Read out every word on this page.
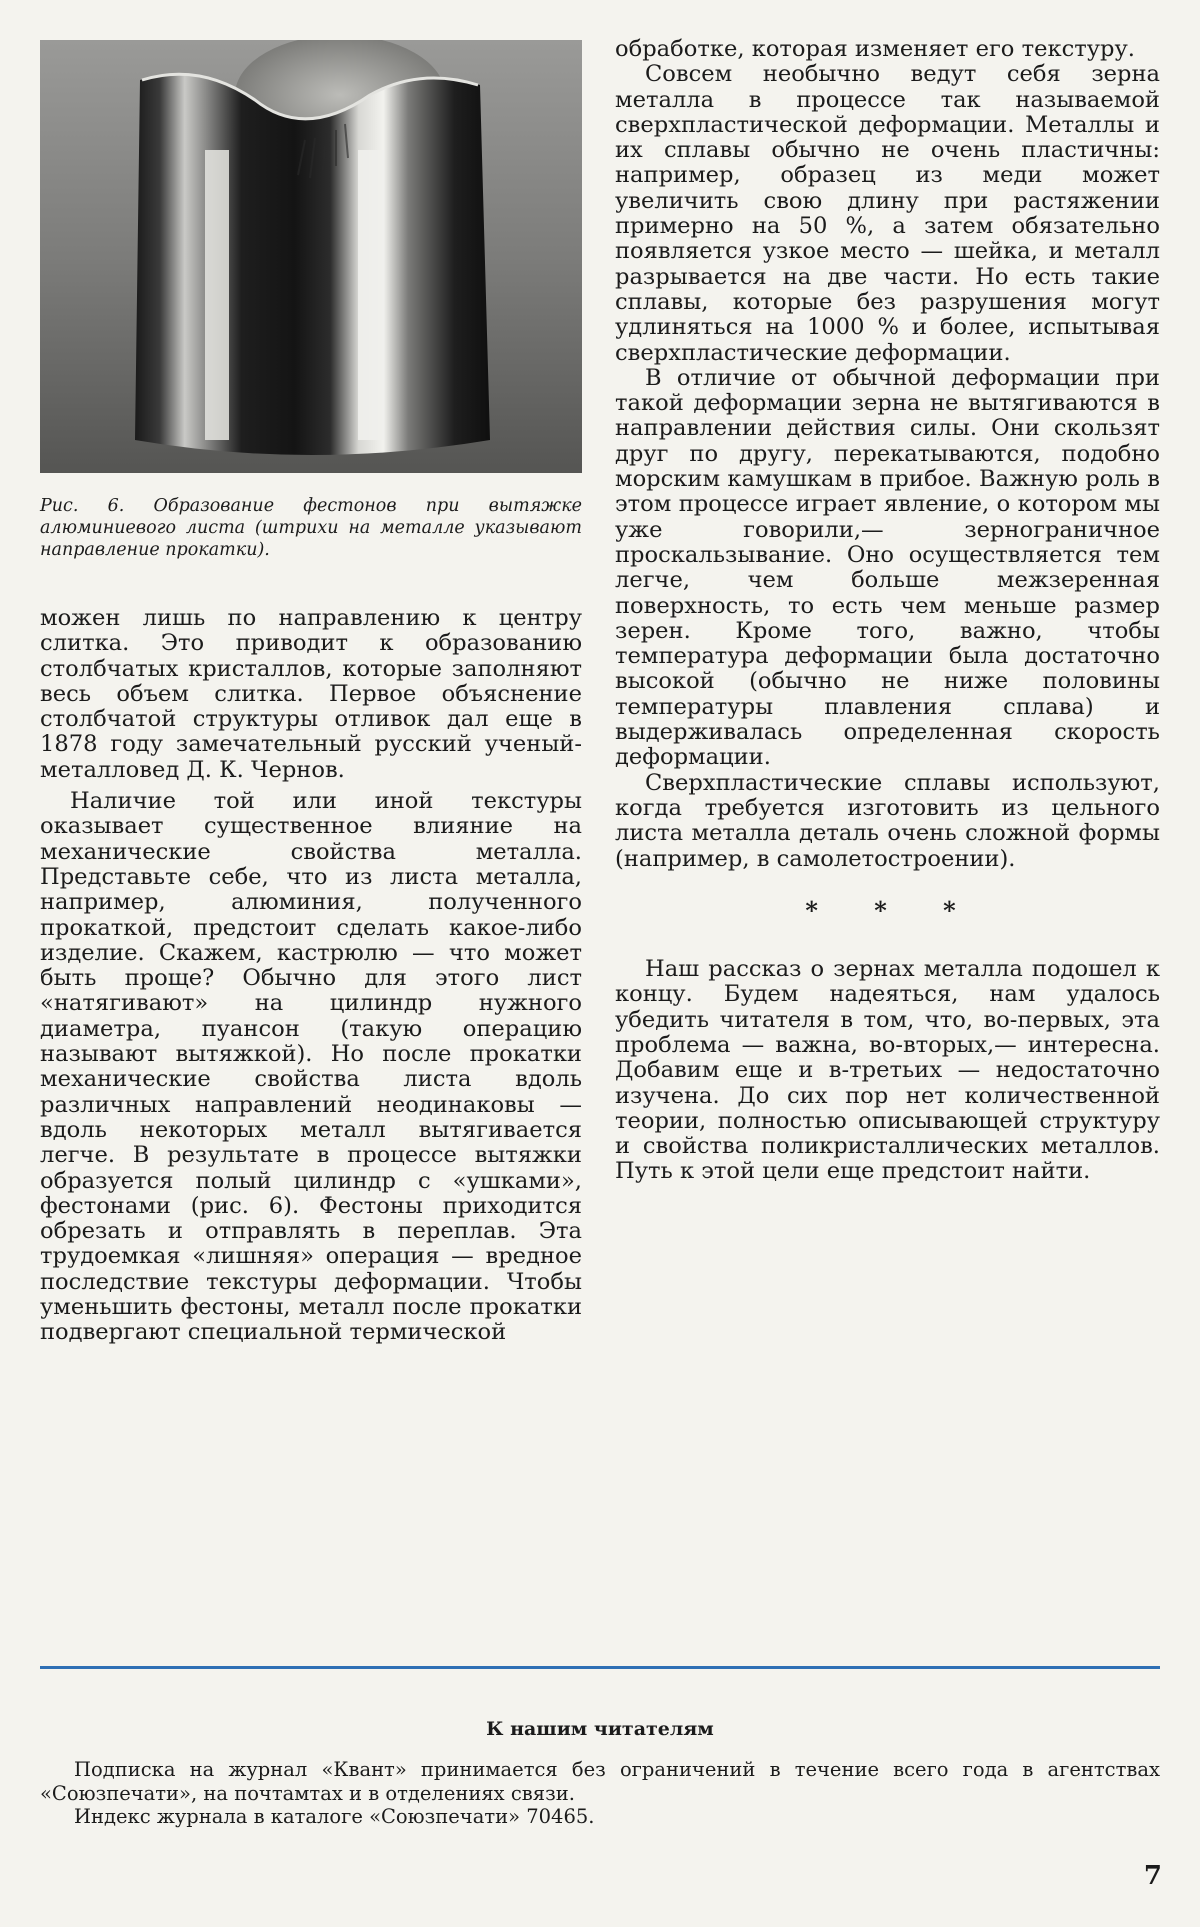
Рис. 6. Образование фестонов при вытяжке алюминиевого листа (штрихи на металле указывают направление прокатки).

можен лишь по направлению к центру слитка. Это приводит к образованию столбчатых кристаллов, которые заполняют весь объем слитка. Первое объяснение столбчатой структуры отливок дал еще в 1878 году замечательный русский ученый-металловед Д. К. Чернов.

Наличие той или иной текстуры оказывает существенное влияние на механические свойства металла. Представьте себе, что из листа металла, например, алюминия, полученного прокаткой, предстоит сделать какое-либо изделие. Скажем, кастрюлю — что может быть проще? Обычно для этого лист «натягивают» на цилиндр нужного диаметра, пуансон (такую операцию называют вытяжкой). Но после прокатки механические свойства листа вдоль различных направлений неодинаковы — вдоль некоторых металл вытягивается легче. В результате в процессе вытяжки образуется полый цилиндр с «ушками», фестонами (рис. 6). Фестоны приходится обрезать и отправлять в переплав. Эта трудоемкая «лишняя» операция — вредное последствие текстуры деформации. Чтобы уменьшить фестоны, металл после прокатки подвергают специальной термической

обработке, которая изменяет его текстуру.

Совсем необычно ведут себя зерна металла в процессе так называемой сверхпластической деформации. Металлы и их сплавы обычно не очень пластичны: например, образец из меди может увеличить свою длину при растяжении примерно на 50 %, а затем обязательно появляется узкое место — шейка, и металл разрывается на две части. Но есть такие сплавы, которые без разрушения могут удлиняться на 1000 % и более, испытывая сверхпластические деформации.

В отличие от обычной деформации при такой деформации зерна не вытягиваются в направлении действия силы. Они скользят друг по другу, перекатываются, подобно морским камушкам в прибое. Важную роль в этом процессе играет явление, о котором мы уже говорили,— зернограничное проскальзывание. Оно осуществляется тем легче, чем больше межзеренная поверхность, то есть чем меньше размер зерен. Кроме того, важно, чтобы температура деформации была достаточно высокой (обычно не ниже половины температуры плавления сплава) и выдерживалась определенная скорость деформации.

Сверхпластические сплавы используют, когда требуется изготовить из цельного листа металла деталь очень сложной формы (например, в самолетостроении).

* * *

Наш рассказ о зернах металла подошел к концу. Будем надеяться, нам удалось убедить читателя в том, что, во-первых, эта проблема — важна, во-вторых,— интересна. Добавим еще и в-третьих — недостаточно изучена. До сих пор нет количественной теории, полностью описывающей структуру и свойства поликристаллических металлов. Путь к этой цели еще предстоит найти.

К нашим читателям

Подписка на журнал «Квант» принимается без ограничений в течение всего года в агентствах «Союзпечати», на почтамтах и в отделениях связи.

Индекс журнала в каталоге «Союзпечати» 70465.

7
